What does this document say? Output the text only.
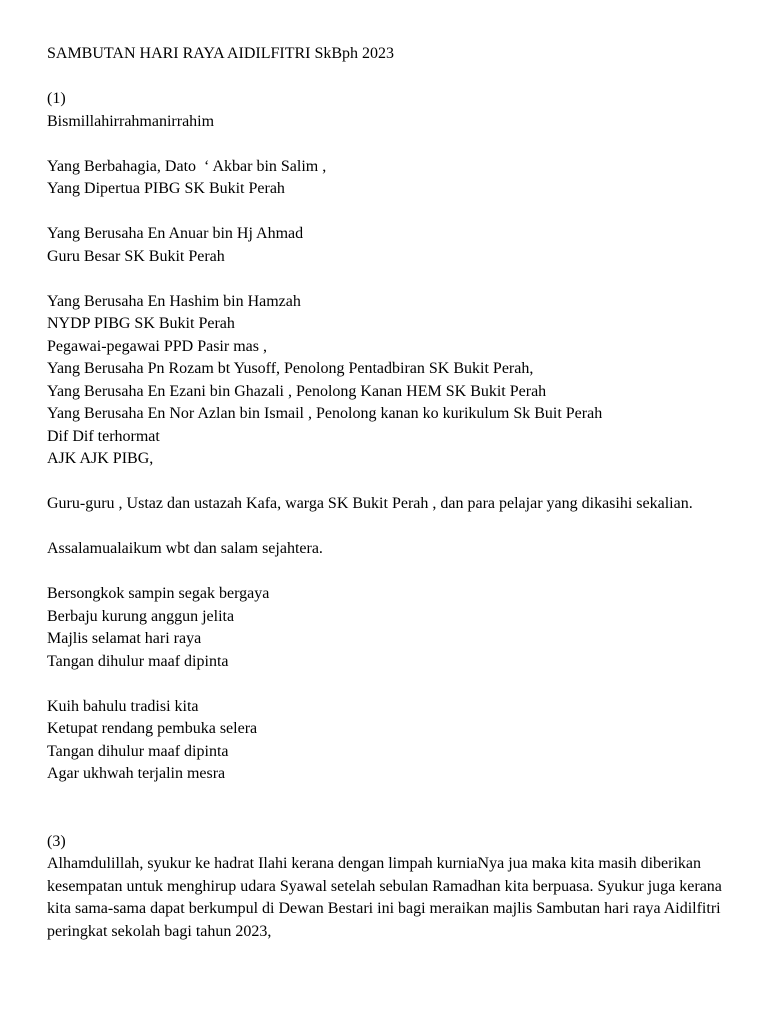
SAMBUTAN HARI RAYA AIDILFITRI SkBph 2023

(1)
Bismillahirrahmanirrahim
Yang Berbahagia, Dato  ‘ Akbar bin Salim ,
Yang Dipertua PIBG SK Bukit Perah
Yang Berusaha En Anuar bin Hj Ahmad
Guru Besar SK Bukit Perah
Yang Berusaha En Hashim bin Hamzah
NYDP PIBG SK Bukit Perah
Pegawai-pegawai PPD Pasir mas ,
Yang Berusaha Pn Rozam bt Yusoff, Penolong Pentadbiran SK Bukit Perah,
Yang Berusaha En Ezani bin Ghazali , Penolong Kanan HEM SK Bukit Perah
Yang Berusaha En Nor Azlan bin Ismail , Penolong kanan ko kurikulum Sk Buit Perah
Dif Dif terhormat
AJK AJK PIBG,

Guru-guru , Ustaz dan ustazah Kafa, warga SK Bukit Perah , dan para pelajar yang dikasihi sekalian.

Assalamualaikum wbt dan salam sejahtera.

Bersongkok sampin segak bergaya
Berbaju kurung anggun jelita
Majlis selamat hari raya
Tangan dihulur maaf dipinta
Kuih bahulu tradisi kita
Ketupat rendang pembuka selera
Tangan dihulur maaf dipinta
Agar ukhwah terjalin mesra
(3)

Alhamdulillah, syukur ke hadrat Ilahi kerana dengan limpah kurniaNya jua maka kita masih diberikan kesempatan untuk menghirup udara Syawal setelah sebulan Ramadhan kita berpuasa. Syukur juga kerana kita sama-sama dapat berkumpul di Dewan Bestari ini bagi meraikan majlis Sambutan hari raya Aidilfitri peringkat sekolah bagi tahun 2023,
